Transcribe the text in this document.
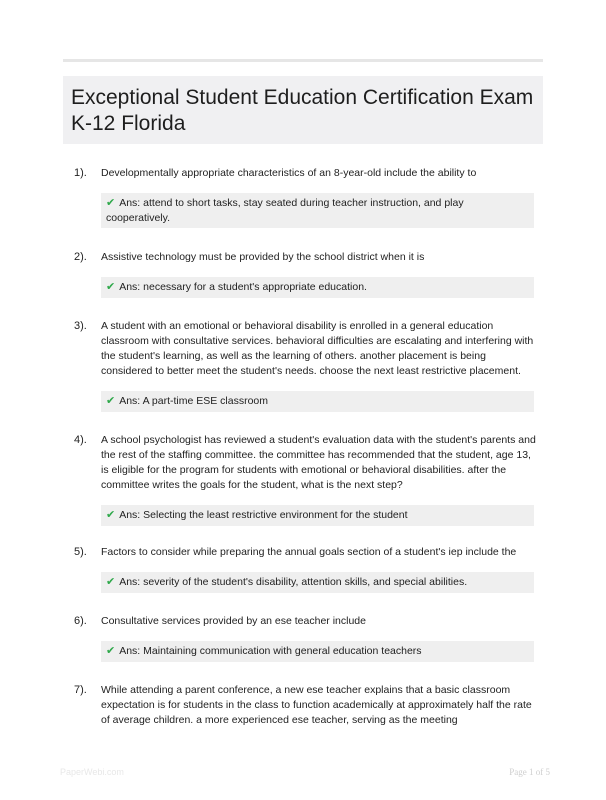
Exceptional Student Education Certification Exam K-12 Florida
1). Developmentally appropriate characteristics of an 8-year-old include the ability to
✔ Ans: attend to short tasks, stay seated during teacher instruction, and play cooperatively.
2). Assistive technology must be provided by the school district when it is
✔ Ans: necessary for a student's appropriate education.
3). A student with an emotional or behavioral disability is enrolled in a general education classroom with consultative services. behavioral difficulties are escalating and interfering with the student's learning, as well as the learning of others. another placement is being considered to better meet the student's needs. choose the next least restrictive placement.
✔ Ans: A part-time ESE classroom
4). A school psychologist has reviewed a student's evaluation data with the student's parents and the rest of the staffing committee. the committee has recommended that the student, age 13, is eligible for the program for students with emotional or behavioral disabilities. after the committee writes the goals for the student, what is the next step?
✔ Ans: Selecting the least restrictive environment for the student
5). Factors to consider while preparing the annual goals section of a student's iep include the
✔ Ans: severity of the student's disability, attention skills, and special abilities.
6). Consultative services provided by an ese teacher include
✔ Ans: Maintaining communication with general education teachers
7). While attending a parent conference, a new ese teacher explains that a basic classroom expectation is for students in the class to function academically at approximately half the rate of average children. a more experienced ese teacher, serving as the meeting
PaperWebi.com	Page 1 of 5
